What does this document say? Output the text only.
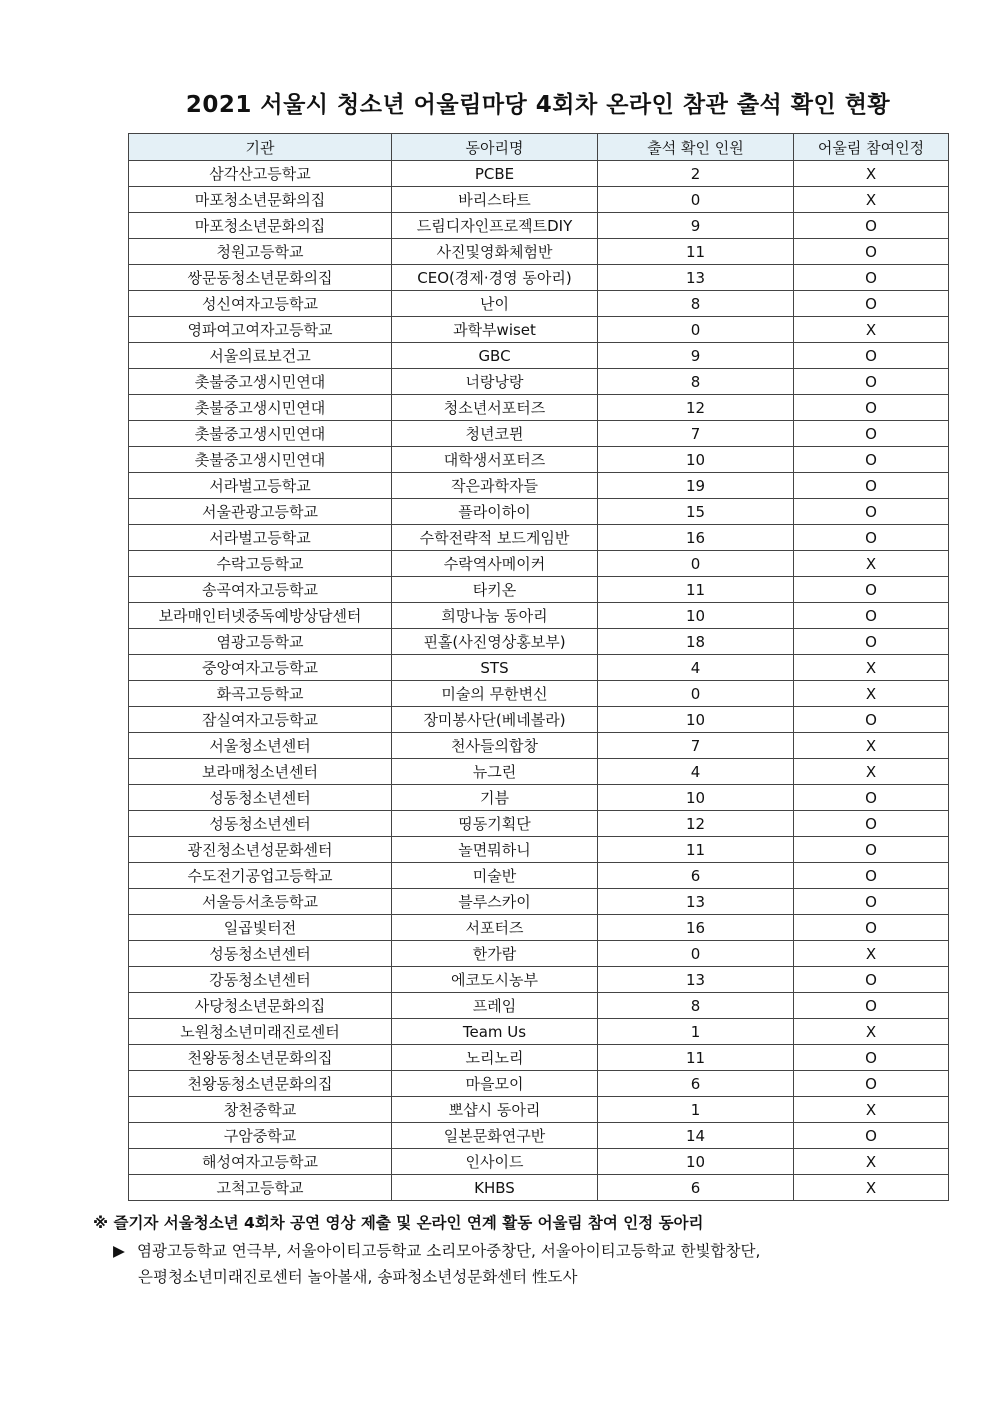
2021 서울시 청소년 어울림마당 4회차 온라인 참관 출석 확인 현황
기관	동아리명	출석 확인 인원	어울림 참여인정
삼각산고등학교	PCBE	2	X
마포청소년문화의집	바리스타트	0	X
마포청소년문화의집	드림디자인프로젝트DIY	9	O
청원고등학교	사진및영화체험반	11	O
쌍문동청소년문화의집	CEO(경제·경영 동아리)	13	O
성신여자고등학교	난이	8	O
영파여고여자고등학교	과학부wiset	0	X
서울의료보건고	GBC	9	O
촛불중고생시민연대	너랑낭랑	8	O
촛불중고생시민연대	청소년서포터즈	12	O
촛불중고생시민연대	청년코뮌	7	O
촛불중고생시민연대	대학생서포터즈	10	O
서라벌고등학교	작은과학자들	19	O
서울관광고등학교	플라이하이	15	O
서라벌고등학교	수학전략적 보드게임반	16	O
수락고등학교	수락역사메이커	0	X
송곡여자고등학교	타키온	11	O
보라매인터넷중독예방상담센터	희망나눔 동아리	10	O
염광고등학교	핀홀(사진영상홍보부)	18	O
중앙여자고등학교	STS	4	X
화곡고등학교	미술의 무한변신	0	X
잠실여자고등학교	장미봉사단(베네볼라)	10	O
서울청소년센터	천사들의합창	7	X
보라매청소년센터	뉴그린	4	X
성동청소년센터	기븜	10	O
성동청소년센터	띵동기획단	12	O
광진청소년성문화센터	놀면뭐하니	11	O
수도전기공업고등학교	미술반	6	O
서울등서초등학교	블루스카이	13	O
일곱빛터전	서포터즈	16	O
성동청소년센터	한가람	0	X
강동청소년센터	에코도시농부	13	O
사당청소년문화의집	프레임	8	O
노원청소년미래진로센터	Team Us	1	X
천왕동청소년문화의집	노리노리	11	O
천왕동청소년문화의집	마을모이	6	O
창천중학교	뽀샵시 동아리	1	X
구암중학교	일본문화연구반	14	O
해성여자고등학교	인사이드	10	X
고척고등학교	KHBS	6	X
※ 즐기자 서울청소년 4회차 공연 영상 제출 및 온라인 연계 활동 어울림 참여 인정 동아리
▶ 염광고등학교 연극부, 서울아이티고등학교 소리모아중창단, 서울아이티고등학교 한빛합창단,
은평청소년미래진로센터 놀아볼새, 송파청소년성문화센터 性도사
